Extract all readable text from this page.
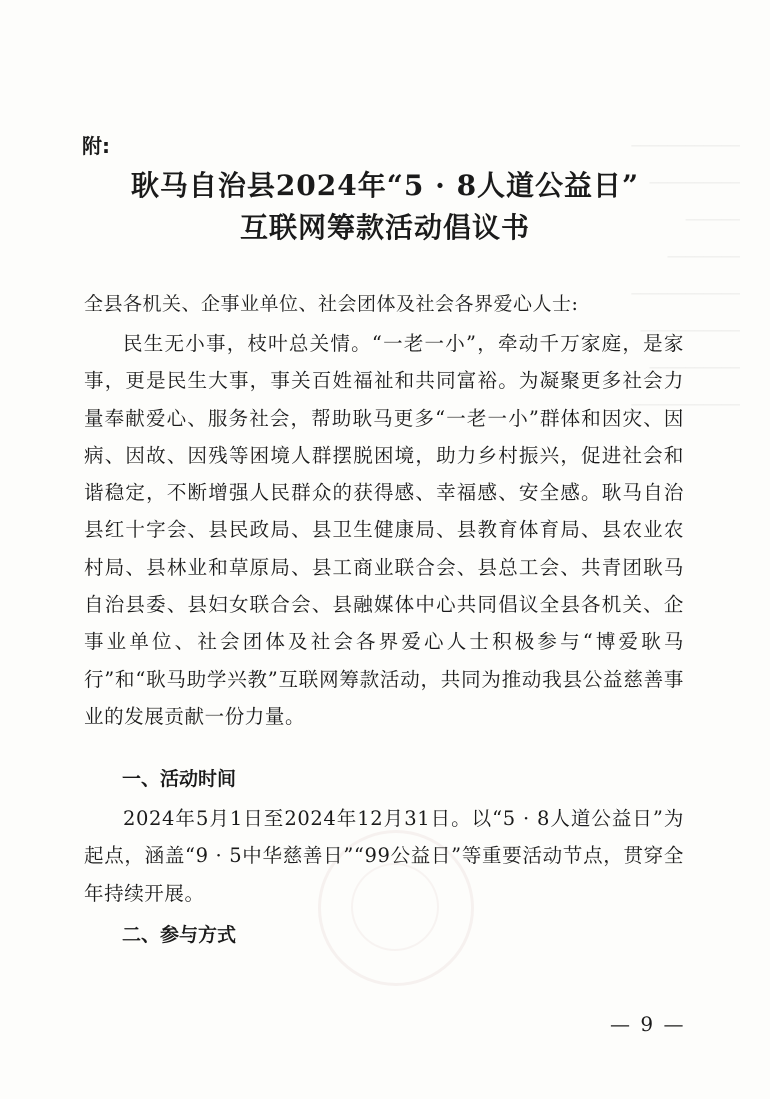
────────────
──────────
──────
────────
────────────
───────────
──────────
────────────
附:
耿马自治县2024年“5 · 8人道公益日”
互联网筹款活动倡议书
全县各机关、企事业单位、社会团体及社会各界爱心人士:
民生无小事，枝叶总关情。“一老一小”，牵动千万家庭，是家事，更是民生大事，事关百姓福祉和共同富裕。为凝聚更多社会力量奉献爱心、服务社会，帮助耿马更多“一老一小”群体和因灾、因病、因故、因残等困境人群摆脱困境，助力乡村振兴，促进社会和谐稳定，不断增强人民群众的获得感、幸福感、安全感。耿马自治县红十字会、县民政局、县卫生健康局、县教育体育局、县农业农村局、县林业和草原局、县工商业联合会、县总工会、共青团耿马自治县委、县妇女联合会、县融媒体中心共同倡议全县各机关、企事业单位、社会团体及社会各界爱心人士积极参与“博爱耿马行”和“耿马助学兴教”互联网筹款活动，共同为推动我县公益慈善事业的发展贡献一份力量。
一、活动时间
2024年5月1日至2024年12月31日。以“5 · 8人道公益日”为起点，涵盖“9 · 5中华慈善日”“99公益日”等重要活动节点，贯穿全年持续开展。
二、参与方式
— 9 —
